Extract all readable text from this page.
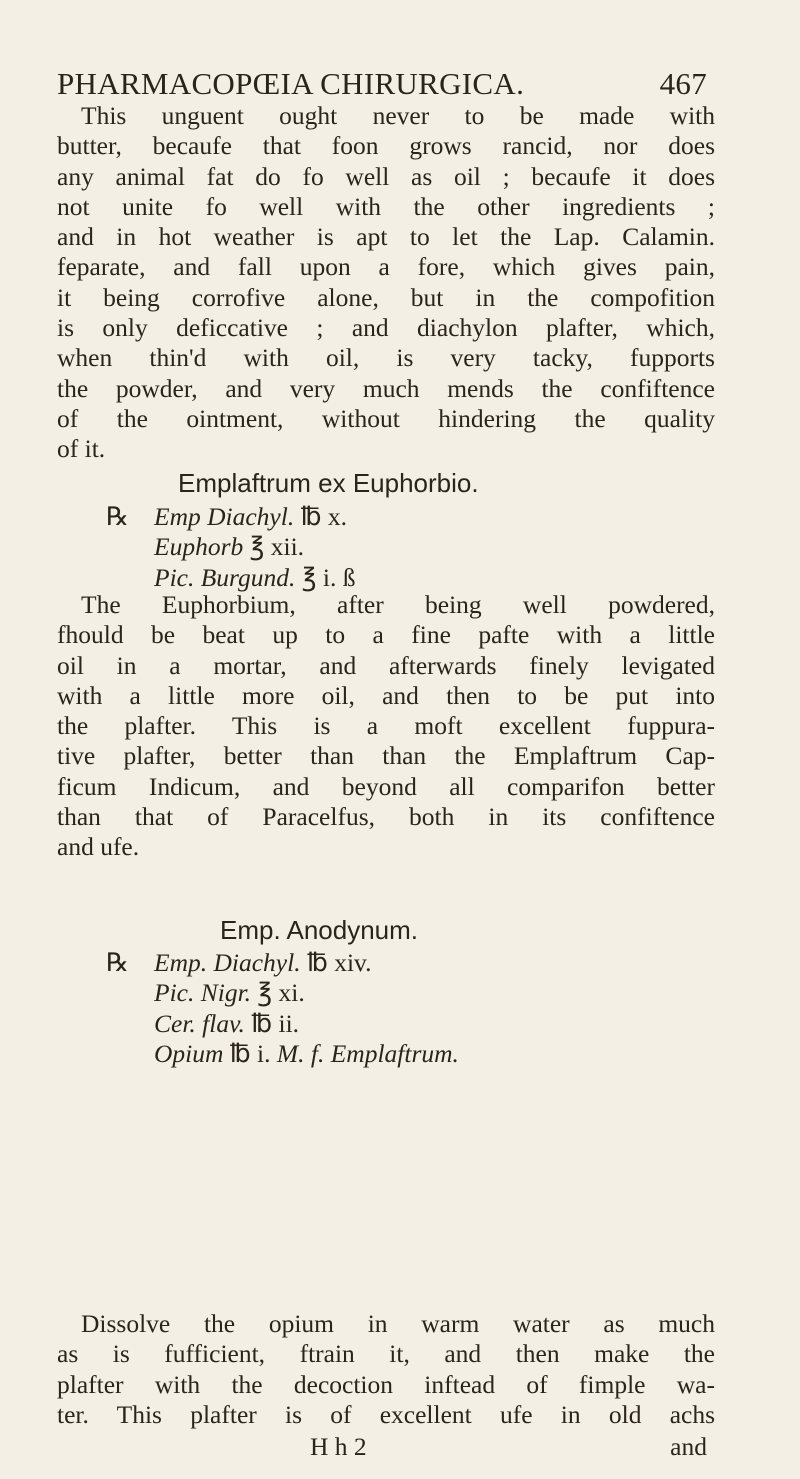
PHARMACOPŒIA CHIRURGICA.	467
This unguent ought never to be made with
butter, becaufe that foon grows rancid, nor does
any animal fat do fo well as oil ; becaufe it does
not unite fo well with the other ingredients ;
and in hot weather is apt to let the Lap. Calamin.
feparate, and fall upon a fore, which gives pain,
it being corrofive alone, but in the compofition
is only deficcative ; and diachylon plafter, which,
when thin'd with oil, is very tacky, fupports
the powder, and very much mends the confiftence
of the ointment, without hindering the quality
of it.
Emplaftrum ex Euphorbio.
℞ Emp Diachyl. ℔ x.
Euphorb ℥ xii.
Pic. Burgund. ℥ i. ß
The Euphorbium, after being well powdered,
fhould be beat up to a fine pafte with a little
oil in a mortar, and afterwards finely levigated
with a little more oil, and then to be put into
the plafter. This is a moft excellent fuppura-
tive plafter, better than than the Emplaftrum Cap-
ficum Indicum, and beyond all comparifon better
than that of Paracelfus, both in its confiftence
and ufe.
Emp. Anodynum.
℞ Emp. Diachyl. ℔ xiv.
Pic. Nigr. ℥ xi.
Cer. flav. ℔ ii.
Opium ℔ i. M. f. Emplaftrum.
Dissolve the opium in warm water as much
as is fufficient, ftrain it, and then make the
plafter with the decoction inftead of fimple wa-
ter. This plafter is of excellent ufe in old achs
H h 2	and
